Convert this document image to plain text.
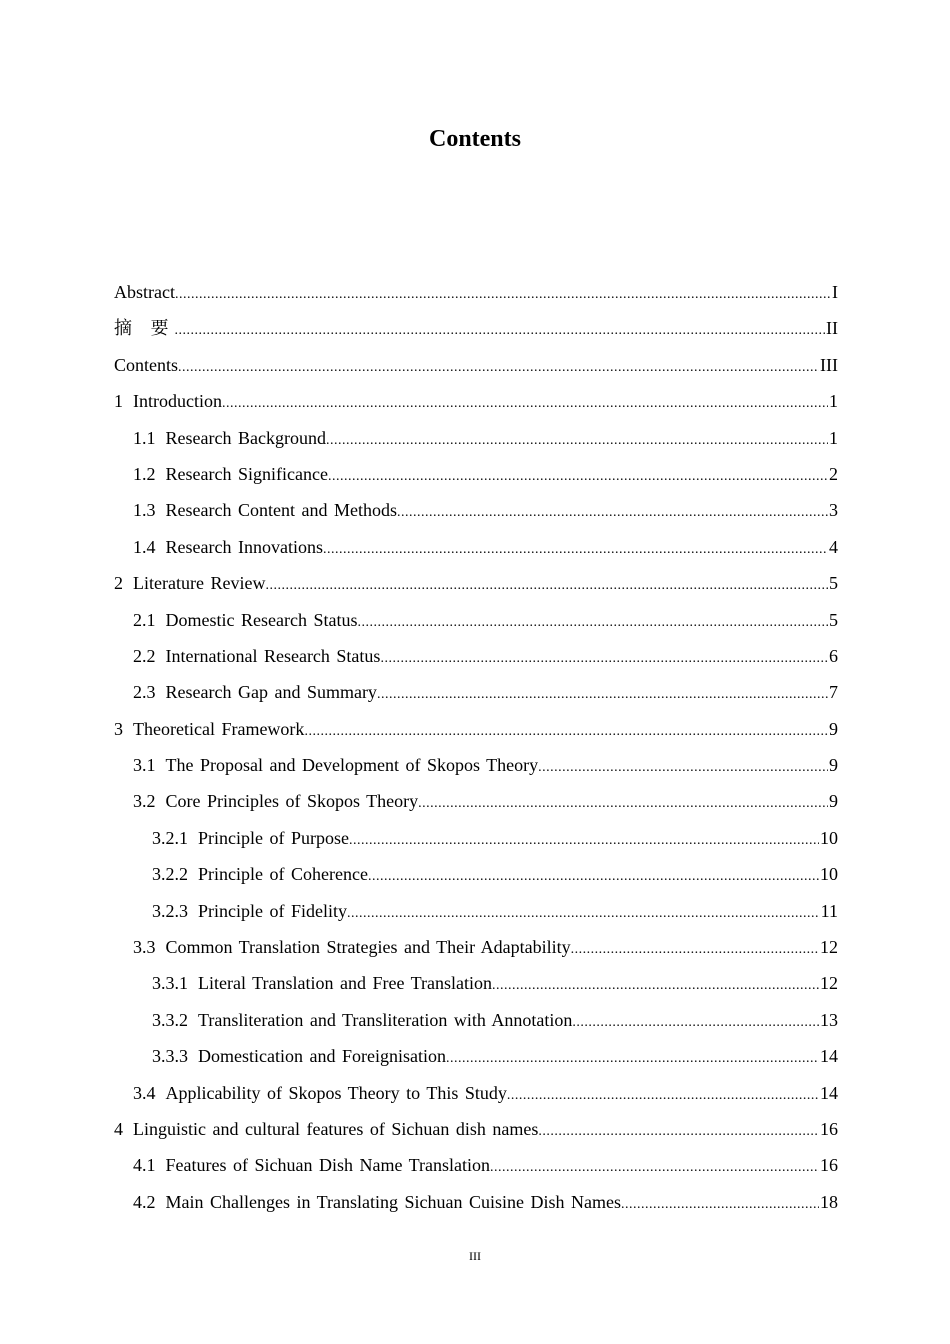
Contents
Abstract .....	I
摘 要 .....	II
Contents .....	III
1 Introduction .....	1
1.1 Research Background .....	1
1.2 Research Significance .....	2
1.3 Research Content and Methods .....	3
1.4 Research Innovations .....	4
2 Literature Review .....	5
2.1 Domestic Research Status .....	5
2.2 International Research Status .....	6
2.3 Research Gap and Summary .....	7
3 Theoretical Framework .....	9
3.1 The Proposal and Development of Skopos Theory .....	9
3.2 Core Principles of Skopos Theory .....	9
3.2.1 Principle of Purpose .....	10
3.2.2 Principle of Coherence .....	10
3.2.3 Principle of Fidelity .....	11
3.3 Common Translation Strategies and Their Adaptability .....	12
3.3.1 Literal Translation and Free Translation .....	12
3.3.2 Transliteration and Transliteration with Annotation .....	13
3.3.3 Domestication and Foreignisation .....	14
3.4 Applicability of Skopos Theory to This Study .....	14
4 Linguistic and cultural features of Sichuan dish names .....	16
4.1 Features of Sichuan Dish Name Translation .....	16
4.2 Main Challenges in Translating Sichuan Cuisine Dish Names .....	18
III
